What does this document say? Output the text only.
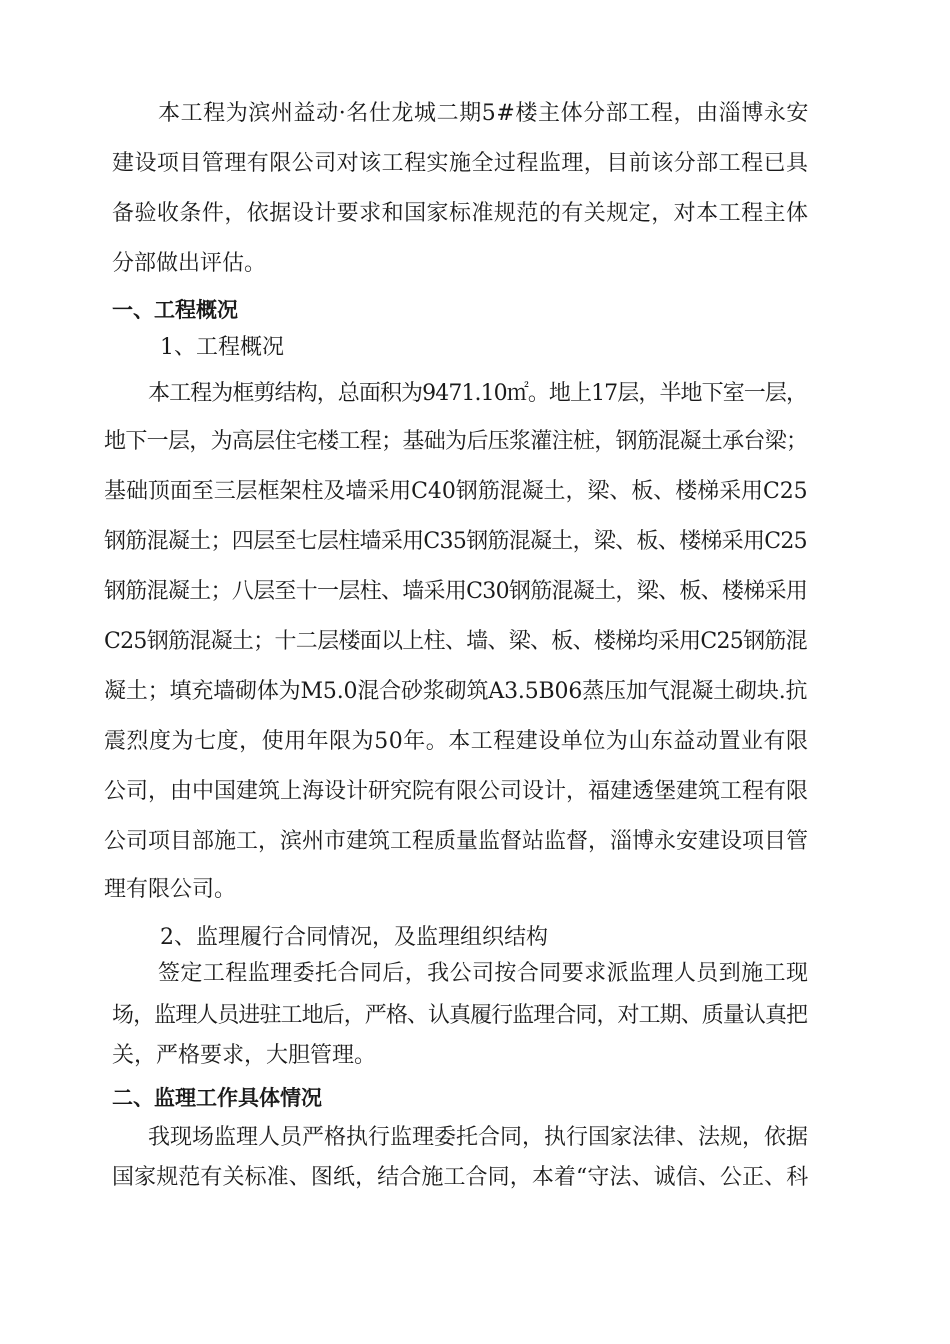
本工程为滨州益动·名仕龙城二期5#楼主体分部工程，由淄博永安
建设项目管理有限公司对该工程实施全过程监理，目前该分部工程已具
备验收条件，依据设计要求和国家标准规范的有关规定，对本工程主体
分部做出评估。
一、工程概况
1、工程概况
本工程为框剪结构，总面积为9471.10㎡。地上17层，半地下室一层，
地下一层，为高层住宅楼工程；基础为后压浆灌注桩，钢筋混凝土承台梁；
基础顶面至三层框架柱及墙采用C40钢筋混凝土，梁、板、楼梯采用C25
钢筋混凝土；四层至七层柱墙采用C35钢筋混凝土，梁、板、楼梯采用C25
钢筋混凝土；八层至十一层柱、墙采用C30钢筋混凝土，梁、板、楼梯采用
C25钢筋混凝土；十二层楼面以上柱、墙、梁、板、楼梯均采用C25钢筋混
凝土；填充墙砌体为M5.0混合砂浆砌筑A3.5B06蒸压加气混凝土砌块.抗
震烈度为七度，使用年限为50年。本工程建设单位为山东益动置业有限
公司，由中国建筑上海设计研究院有限公司设计，福建透堡建筑工程有限
公司项目部施工，滨州市建筑工程质量监督站监督，淄博永安建设项目管
理有限公司。
2、监理履行合同情况，及监理组织结构
签定工程监理委托合同后，我公司按合同要求派监理人员到施工现
场，监理人员进驻工地后，严格、认真履行监理合同，对工期、质量认真把
关，严格要求，大胆管理。
二、监理工作具体情况
我现场监理人员严格执行监理委托合同，执行国家法律、法规，依据
国家规范有关标准、图纸，结合施工合同，本着“守法、诚信、公正、科
